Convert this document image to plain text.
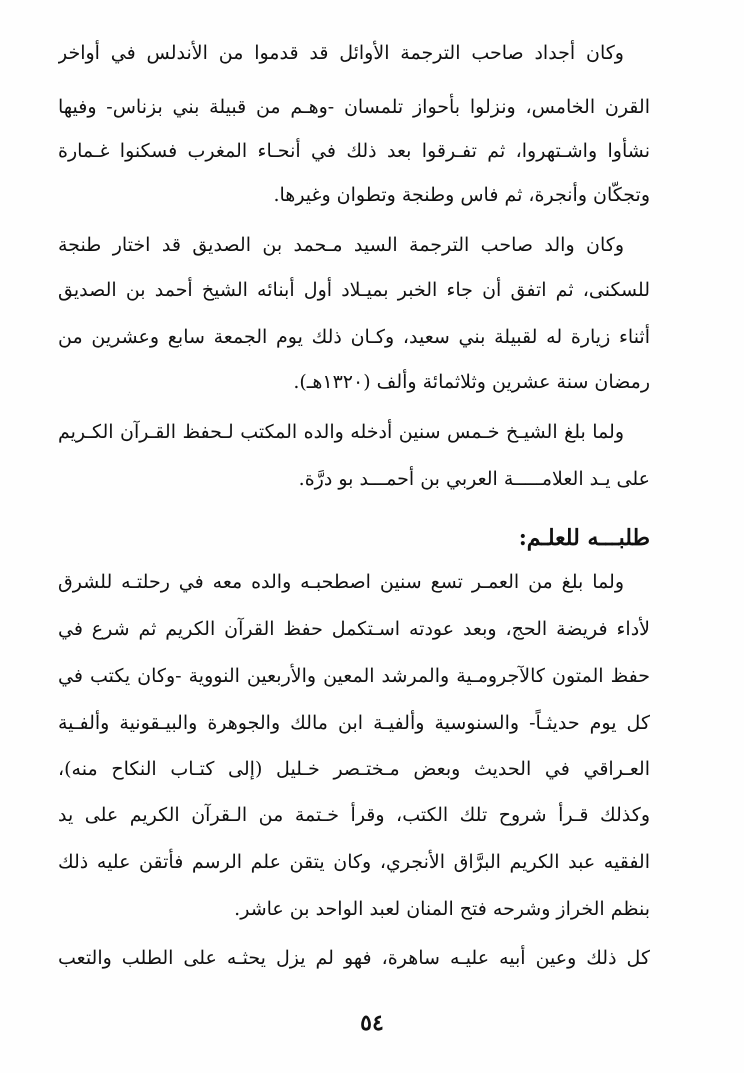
وكان أجداد صاحب الترجمة الأوائل قد قدموا من الأندلس في أواخر
القرن الخامس، ونزلوا بأحواز تلمسان -وهـم من قبيلة بني بزناس- وفيها
نشأوا واشـتهروا، ثم تفـرقوا بعد ذلك في أنحـاء المغرب فسكنوا غـمارة
وتجكّان وأنجرة، ثم فاس وطنجة وتطوان وغيرها.
وكان والد صاحب الترجمة السيد مـحمد بن الصديق قد اختار طنجة
للسكنى، ثم اتفق أن جاء الخبر بميـلاد أول أبنائه الشيخ أحمد بن الصديق
أثناء زيارة له لقبيلة بني سعيد، وكـان ذلك يوم الجمعة سابع وعشرين من
رمضان سنة عشرين وثلاثمائة وألف (١٣٢٠هـ).
ولما بلغ الشيـخ خـمس سنين أدخله والده المكتب لـحفظ القـرآن الكـريم
على يـد العلامـــــة العربي بن أحمـــد بو درَّة.
طلبـــه للعلـم:
ولما بلغ من العمـر تسع سنين اصطحبـه والده معه في رحلتـه للشرق
لأداء فريضة الحج، وبعد عودته اسـتكمل حفظ القرآن الكريم ثم شرع في
حفظ المتون كالآجرومـية والمرشد المعين والأربعين النووية -وكان يكتب في
كل يوم حديثـاً- والسنوسية وألفيـة ابن مالك والجوهرة والبيـقونية وألفـية
العـراقي في الحديث وبعض مـختـصر خـليل (إلى كتـاب النكاح منه)،
وكذلك قـرأ شروح تلك الكتب، وقرأ خـتمة من الـقرآن الكريم على يد
الفقيه عبد الكريم البرَّاق الأنجري، وكان يتقن علم الرسم فأتقن عليه ذلك
بنظم الخراز وشرحه فتح المنان لعبد الواحد بن عاشر.
كل ذلك وعين أبيه عليـه ساهرة، فهو لم يزل يحثـه على الطلب والتعب
٥٤
